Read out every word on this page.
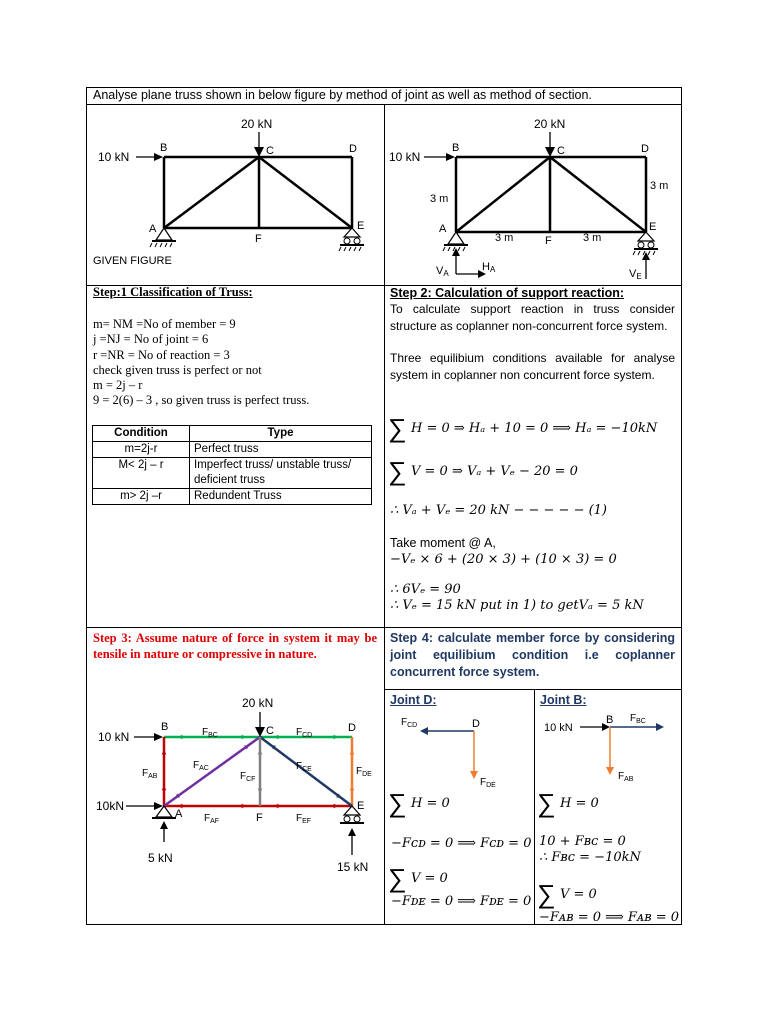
Analyse plane truss shown in below figure by method of joint as well as method of section.
20 kN
10 kN
B	C	D
A	E
F
GIVEN FIGURE
20 kN
10 kN
B	C	D
A	E
F
3 m
3 m
3 m	3 m
VA
HA	VE
Step:1 Classification of Truss:
m= NM =No of member = 9
j =NJ = No of joint = 6
r =NR = No of reaction = 3
check given truss is perfect or not
m = 2j – r
9 = 2(6) – 3 , so given truss is perfect truss.
Condition	Type
m=2j-r	Perfect truss
M< 2j – r	Imperfect truss/ unstable truss/ deficient truss
m> 2j –r	Redundent Truss
Step 2: Calculation of support reaction:
To calculate support reaction in truss consider structure as coplanner non-concurrent force system.
Three equilibium conditions available for analyse system in coplanner non concurrent force system.
∑ H = 0 ⇒ Hₐ + 10 = 0 ⟹ Hₐ = −10kN
∑ V = 0 ⇒ Vₐ + Vₑ − 20 = 0
∴ Vₐ + Vₑ = 20 kN − − − − − (1)
Take moment @ A,
−Vₑ × 6 + (20 × 3) + (10 × 3) = 0
∴ 6Vₑ = 90
∴ Vₑ = 15 kN put in 1) to getVₐ = 5 kN
Step 3: Assume nature of force in system it may be tensile in nature or compressive in nature.
20 kN
10 kN
10kN
5 kN
15 kN
B	C	D
A
E
F
$F_{BC}$	$F_{CD}$
$F_{AB}$
$F_{AC}$
$F_{CF}$
$F_{CE}$	$F_{DE}$
$F_{AF}$	$F_{EF}$
Step 4: calculate member force by considering joint equilibium condition i.e coplanner concurrent force system.
Joint D:
D
$F_{CD}$
$F_{DE}$
∑ H = 0
−Fᴄᴅ = 0 ⟹ Fᴄᴅ = 0
∑ V = 0
−Fᴅᴇ = 0 ⟹ Fᴅᴇ = 0
Joint B:
10 kN
B $F_{BC}$
$F_{AB}$
∑ H = 0
10 + Fʙᴄ = 0
∴ Fʙᴄ = −10kN
∑ V = 0
−Fᴀʙ = 0 ⟹ Fᴀʙ = 0
